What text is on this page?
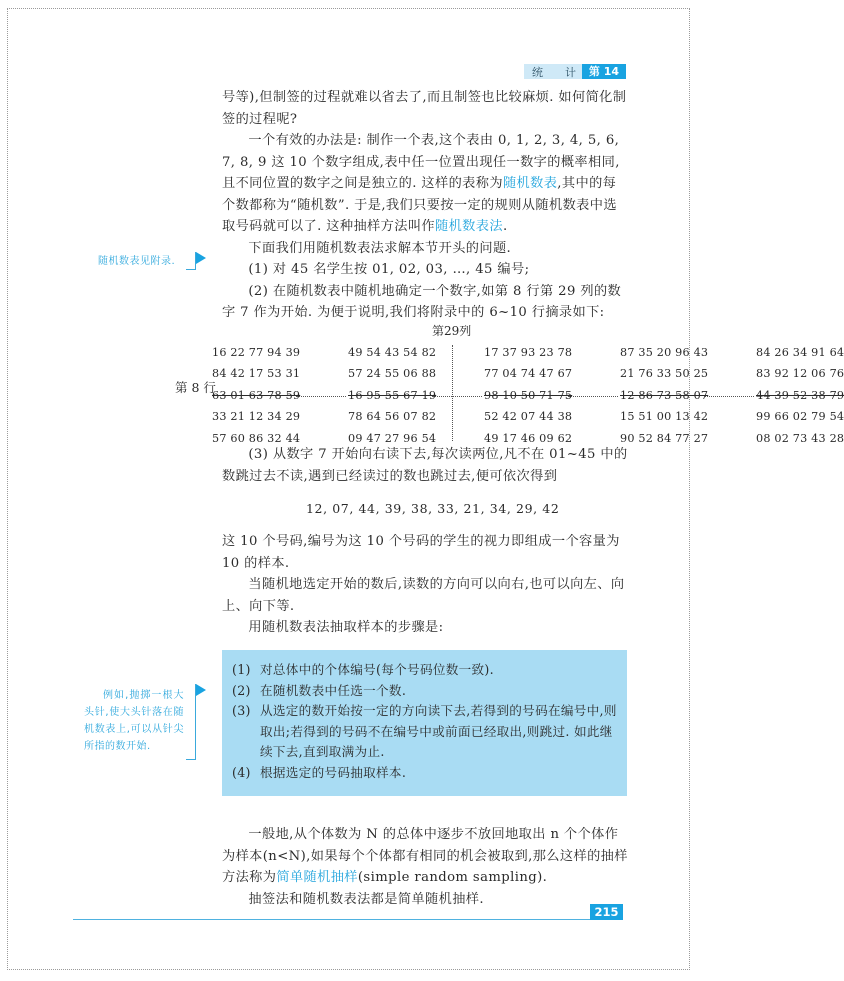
统 计	第 14 章

号等),但制签的过程就难以省去了,而且制签也比较麻烦. 如何简化制签的过程呢?

一个有效的办法是: 制作一个表,这个表由 0, 1, 2, 3, 4, 5, 6, 7, 8, 9 这 10 个数字组成,表中任一位置出现任一数字的概率相同,且不同位置的数字之间是独立的. 这样的表称为随机数表,其中的每个数都称为“随机数”. 于是,我们只要按一定的规则从随机数表中选取号码就可以了. 这种抽样方法叫作随机数表法.

下面我们用随机数表法求解本节开头的问题.

(1) 对 45 名学生按 01, 02, 03, …, 45 编号;

(2) 在随机数表中随机地确定一个数字,如第 8 行第 29 列的数字 7 作为开始. 为便于说明,我们将附录中的 6~10 行摘录如下:

随机数表见附录.
第29列
第 8 行
16 22 77 94 39	49 54 43 54 82	17 37 93 23 78	87 35 20 96 43	84 26 34 91 64
84 42 17 53 31	57 24 55 06 88	77 04 74 47 67	21 76 33 50 25	83 92 12 06 76
63 01 63 78 59	16 95 55 67 19	98 10 50 71 75	12 86 73 58 07	44 39 52 38 79
33 21 12 34 29	78 64 56 07 82	52 42 07 44 38	15 51 00 13 42	99 66 02 79 54
57 60 86 32 44	09 47 27 96 54	49 17 46 09 62	90 52 84 77 27	08 02 73 43 28

(3) 从数字 7 开始向右读下去,每次读两位,凡不在 01~45 中的数跳过去不读,遇到已经读过的数也跳过去,便可依次得到

12, 07, 44, 39, 38, 33, 21, 34, 29, 42

这 10 个号码,编号为这 10 个号码的学生的视力即组成一个容量为 10 的样本.

当随机地选定开始的数后,读数的方向可以向右,也可以向左、向上、向下等.

用随机数表法抽取样本的步骤是:

例如,抛掷一根大头针,使大头针落在随机数表上,可以从针尖所指的数开始.
(1) 对总体中的个体编号(每个号码位数一致).
(2) 在随机数表中任选一个数.
(3) 从选定的数开始按一定的方向读下去,若得到的号码在编号中,则取出;若得到的号码不在编号中或前面已经取出,则跳过. 如此继续下去,直到取满为止.
(4) 根据选定的号码抽取样本.

一般地,从个体数为 N 的总体中逐步不放回地取出 n 个个体作为样本(n<N),如果每个个体都有相同的机会被取到,那么这样的抽样方法称为简单随机抽样(simple random sampling).

抽签法和随机数表法都是简单随机抽样.

215
